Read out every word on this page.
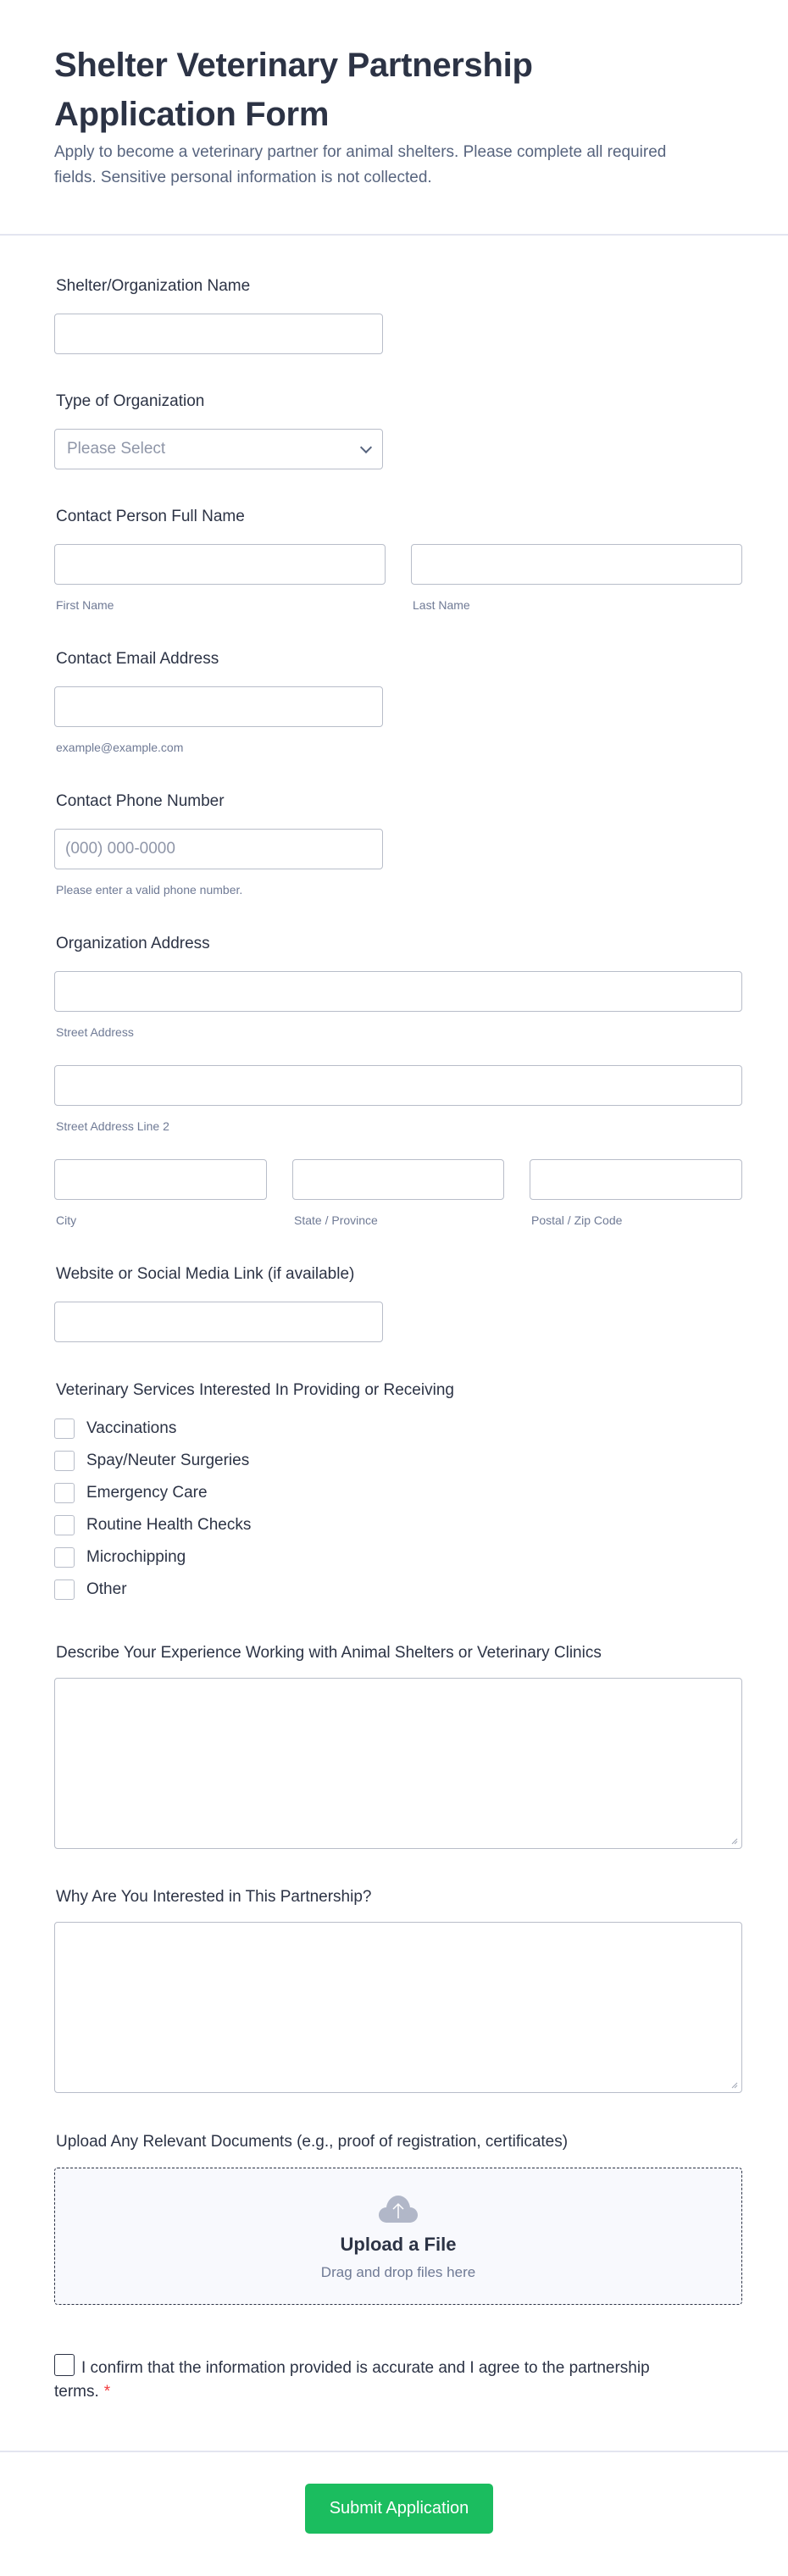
Shelter Veterinary Partnership Application Form

Apply to become a veterinary partner for animal shelters. Please complete all required fields. Sensitive personal information is not collected.

Shelter/Organization Name
Type of Organization
Please Select
Contact Person Full Name
First Name	Last Name
Contact Email Address
example@example.com
Contact Phone Number
(000) 000-0000
Please enter a valid phone number.
Organization Address
Street Address
Street Address Line 2
City	State / Province	Postal / Zip Code
Website or Social Media Link (if available)
Veterinary Services Interested In Providing or Receiving
Vaccinations
Spay/Neuter Surgeries
Emergency Care
Routine Health Checks
Microchipping
Other
Describe Your Experience Working with Animal Shelters or Veterinary Clinics
Why Are You Interested in This Partnership?
Upload Any Relevant Documents (e.g., proof of registration, certificates)
Upload a File
Drag and drop files here
I confirm that the information provided is accurate and I agree to the partnership terms. *
Submit Application
